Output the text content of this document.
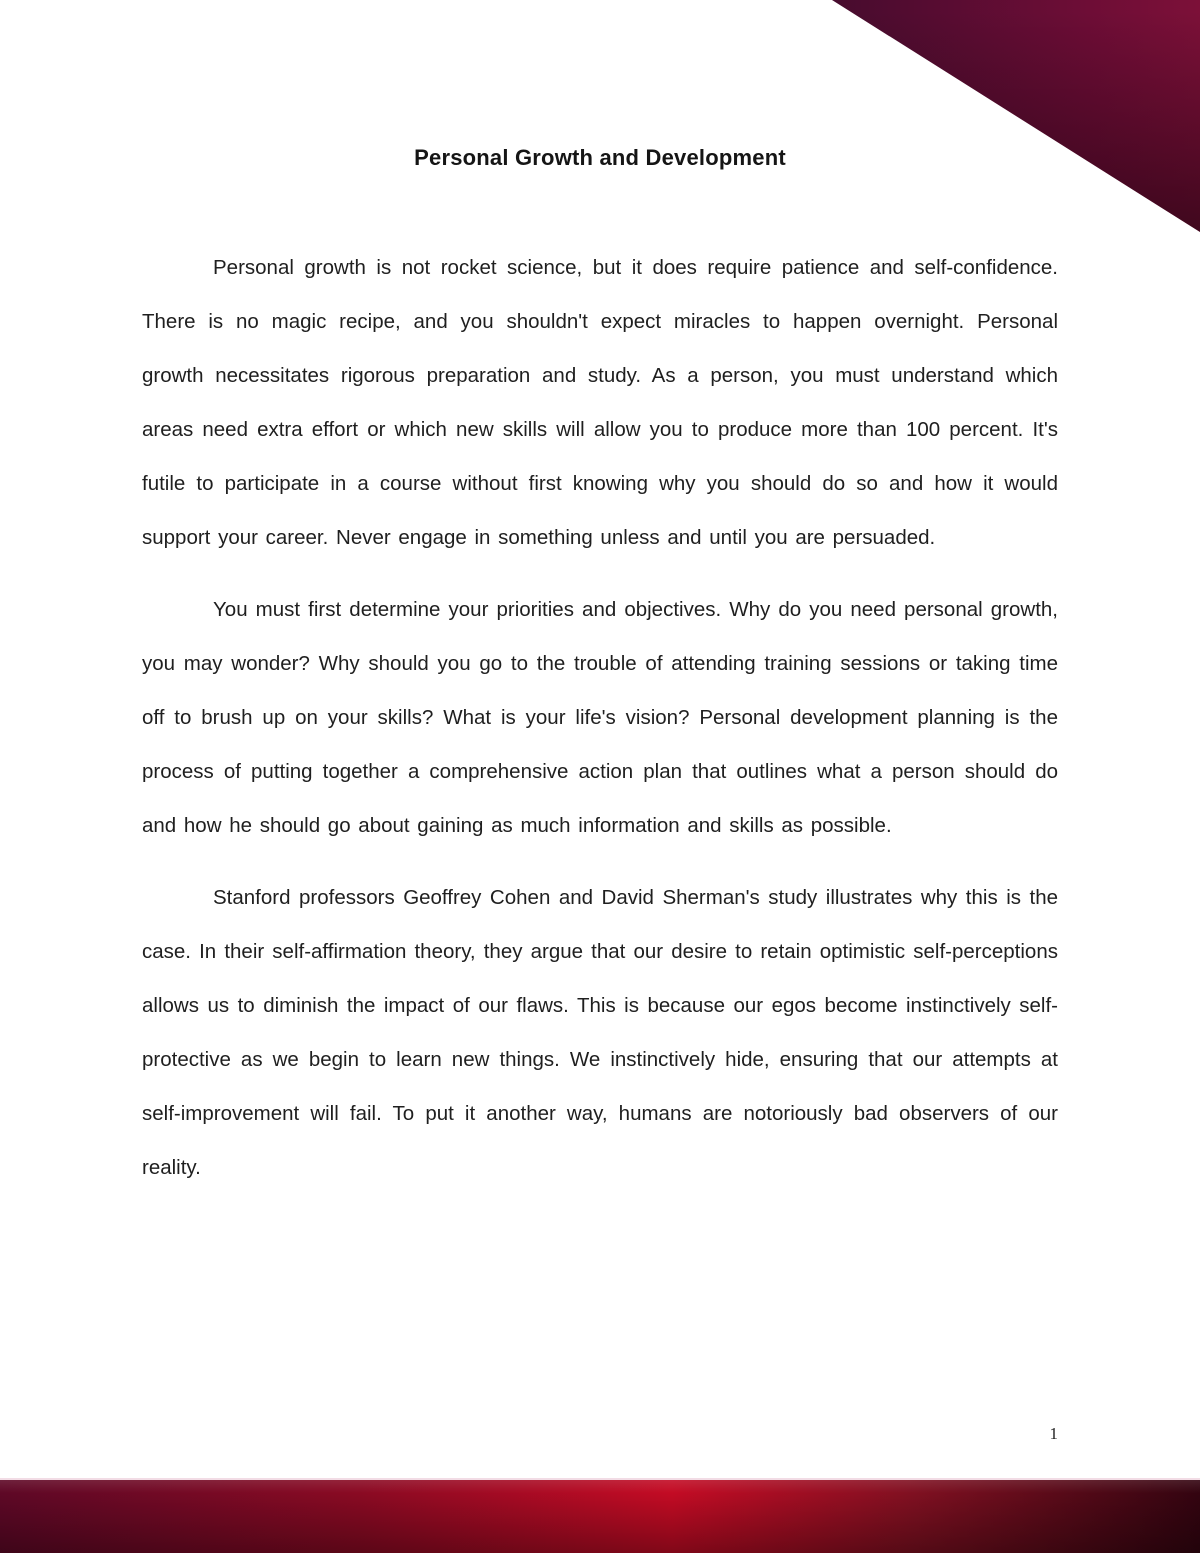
Personal Growth and Development

Personal growth is not rocket science, but it does require patience and self-confidence. There is no magic recipe, and you shouldn't expect miracles to happen overnight. Personal growth necessitates rigorous preparation and study. As a person, you must understand which areas need extra effort or which new skills will allow you to produce more than 100 percent. It's futile to participate in a course without first knowing why you should do so and how it would support your career. Never engage in something unless and until you are persuaded.

You must first determine your priorities and objectives. Why do you need personal growth, you may wonder? Why should you go to the trouble of attending training sessions or taking time off to brush up on your skills? What is your life's vision? Personal development planning is the process of putting together a comprehensive action plan that outlines what a person should do and how he should go about gaining as much information and skills as possible.

Stanford professors Geoffrey Cohen and David Sherman's study illustrates why this is the case. In their self-affirmation theory, they argue that our desire to retain optimistic self-perceptions allows us to diminish the impact of our flaws. This is because our egos become instinctively self-protective as we begin to learn new things. We instinctively hide, ensuring that our attempts at self-improvement will fail. To put it another way, humans are notoriously bad observers of our reality.

1
